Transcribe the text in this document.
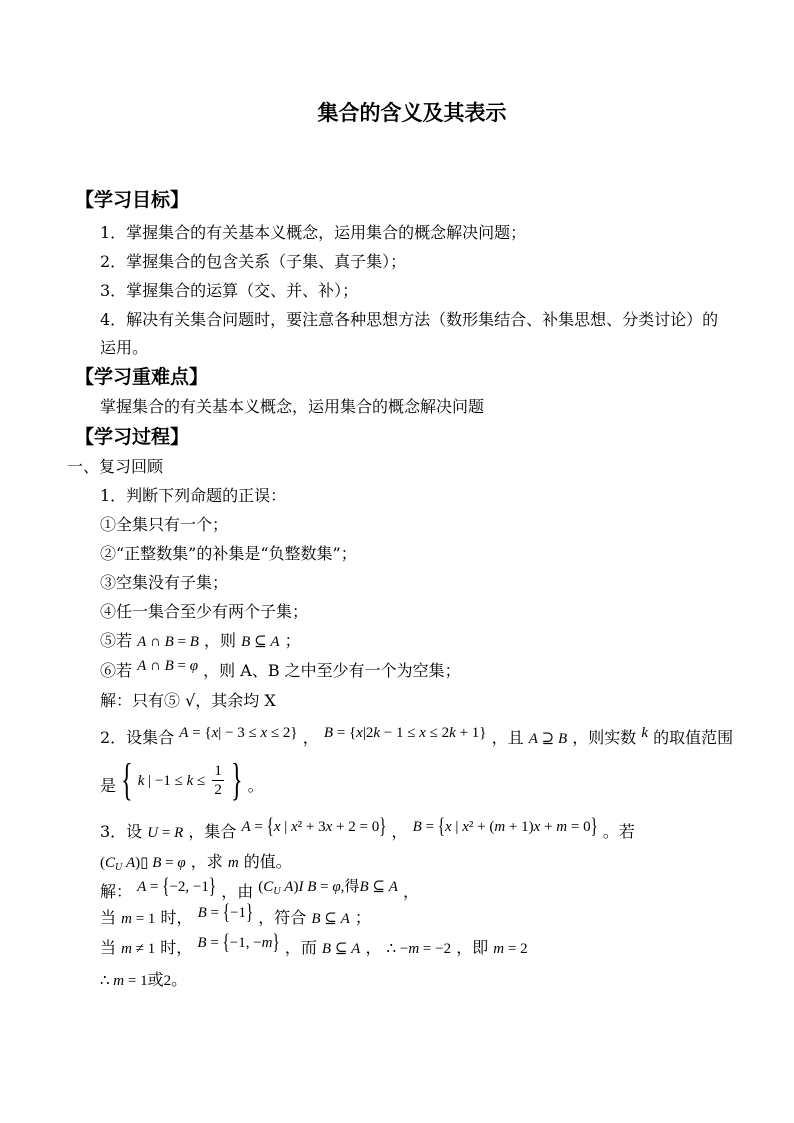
集合的含义及其表示
【学习目标】
1．掌握集合的有关基本义概念，运用集合的概念解决问题；
2．掌握集合的包含关系（子集、真子集）；
3．掌握集合的运算（交、并、补）；
4．解决有关集合问题时，要注意各种思想方法（数形集结合、补集思想、分类讨论）的
运用。
【学习重难点】
掌握集合的有关基本义概念，运用集合的概念解决问题
【学习过程】
一、复习回顾
1．判断下列命题的正误：
①全集只有一个；
②“正整数集”的补集是“负整数集”；
③空集没有子集；
④任一集合至少有两个子集；
⑤若 A ∩ B = B ，则 B ⊆ A ；
⑥若 A ∩ B = φ ，则 A、B 之中至少有一个为空集；
解：只有⑤ √，其余均 X
2．设集合 A = {x| − 3 ≤ x ≤ 2} ， B = {x|2k − 1 ≤ x ≤ 2k + 1} ，且 A ⊇ B ，则实数 k 的取值范围
是 { k | $-1 \le k \le \frac{1}{2}$ } 。
3．设 U = R ，集合 A = {x | x² + 3x + 2 = 0} ， B = {x | x² + (m + 1)x + m = 0} 。若
($C_U$ A)▯ B = φ ，求 m 的值。
解： A = {−2, −1} ，由 ($C_U$ A)I B = φ,得B ⊆ A ，
当 m = 1 时， B = {−1} ，符合 B ⊆ A ；
当 m ≠ 1 时， B = {−1, −m} ，而 B ⊆ A ， ∴ −m = −2 ，即 m = 2
∴ m = 1或2。
